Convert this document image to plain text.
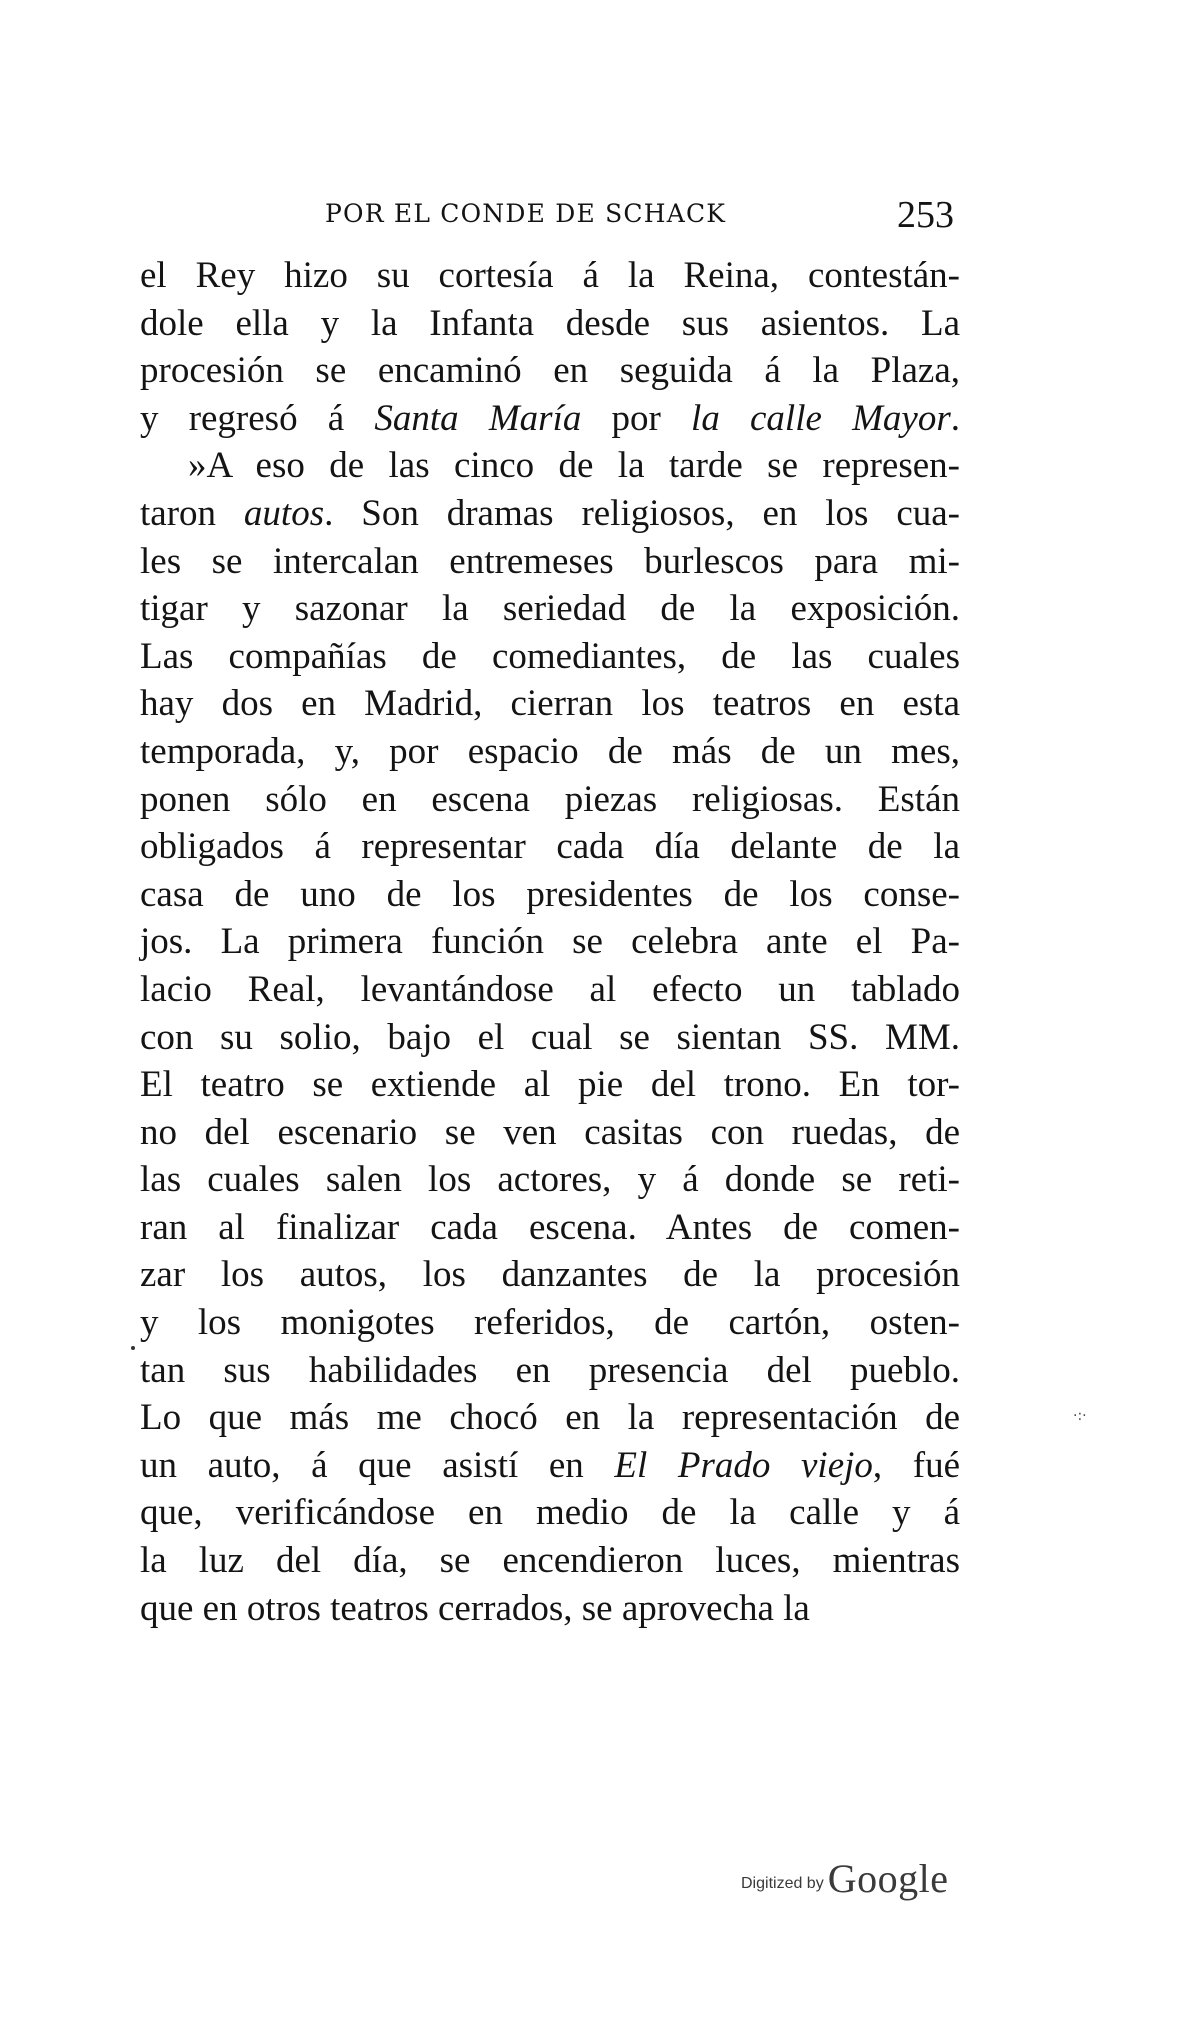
POR EL CONDE DE SCHACK	253
el Rey hizo su cortesía á la Reina, contestán-
dole ella y la Infanta desde sus asientos. La
procesión se encaminó en seguida á la Plaza,
y regresó á Santa María por la calle Mayor.
»A eso de las cinco de la tarde se represen-
taron autos. Son dramas religiosos, en los cua-
les se intercalan entremeses burlescos para mi-
tigar y sazonar la seriedad de la exposición.
Las compañías de comediantes, de las cuales
hay dos en Madrid, cierran los teatros en esta
temporada, y, por espacio de más de un mes,
ponen sólo en escena piezas religiosas. Están
obligados á representar cada día delante de la
casa de uno de los presidentes de los conse-
jos. La primera función se celebra ante el Pa-
lacio Real, levantándose al efecto un tablado
con su solio, bajo el cual se sientan SS. MM.
El teatro se extiende al pie del trono. En tor-
no del escenario se ven casitas con ruedas, de
las cuales salen los actores, y á donde se reti-
ran al finalizar cada escena. Antes de comen-
zar los autos, los danzantes de la procesión
y los monigotes referidos, de cartón, osten-
tan sus habilidades en presencia del pueblo.
Lo que más me chocó en la representación de
un auto, á que asistí en El Prado viejo, fué
que, verificándose en medio de la calle y á
la luz del día, se encendieron luces, mientras
que en otros teatros cerrados, se aprovecha la
·:·
Digitized by Google
